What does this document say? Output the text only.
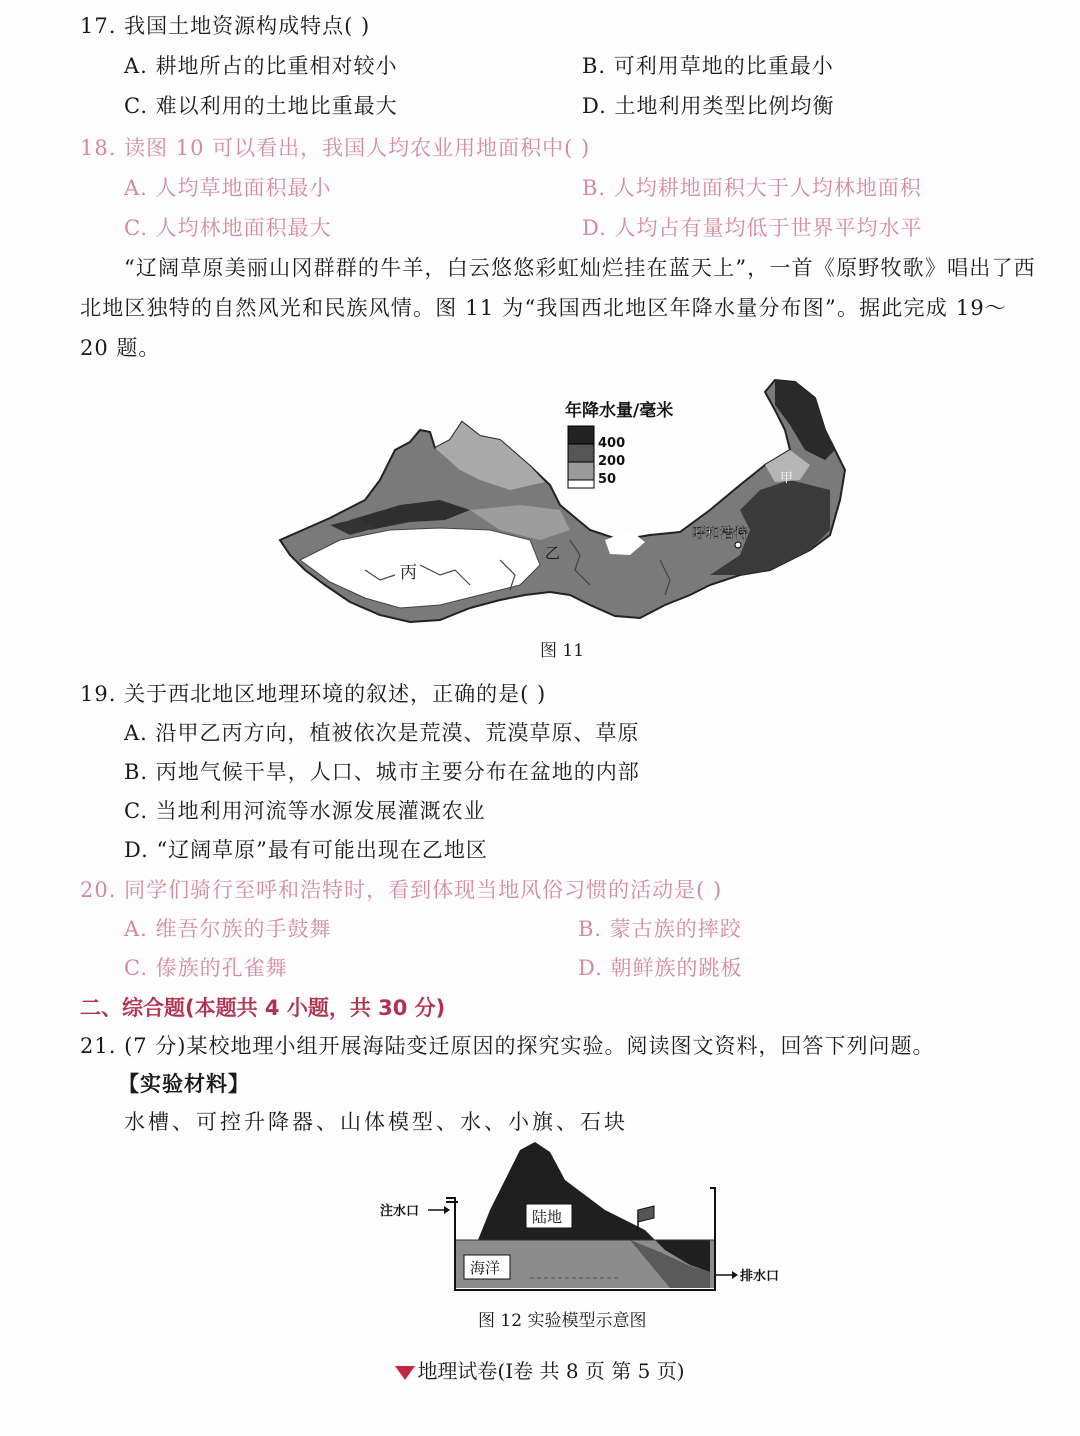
17. 我国土地资源构成特点( )
A. 耕地所占的比重相对较小	B. 可利用草地的比重最小
C. 难以利用的土地比重最大	D. 土地利用类型比例均衡
18. 读图 10 可以看出，我国人均农业用地面积中( )
A. 人均草地面积最小	B. 人均耕地面积大于人均林地面积
C. 人均林地面积最大	D. 人均占有量均低于世界平均水平
“辽阔草原美丽山冈群群的牛羊，白云悠悠彩虹灿烂挂在蓝天上”，一首《原野牧歌》唱出了西
北地区独特的自然风光和民族风情。图 11 为“我国西北地区年降水量分布图”。据此完成 19～
20 题。
丙
乙
甲
呼和浩特
年降水量/毫米
400
200
50
图 11
19. 关于西北地区地理环境的叙述，正确的是( )
A. 沿甲乙丙方向，植被依次是荒漠、荒漠草原、草原
B. 丙地气候干旱，人口、城市主要分布在盆地的内部
C. 当地利用河流等水源发展灌溉农业
D. “辽阔草原”最有可能出现在乙地区
20. 同学们骑行至呼和浩特时，看到体现当地风俗习惯的活动是( )
A. 维吾尔族的手鼓舞	B. 蒙古族的摔跤
C. 傣族的孔雀舞	D. 朝鲜族的跳板
二、综合题(本题共 4 小题，共 30 分)
21. (7 分)某校地理小组开展海陆变迁原因的探究实验。阅读图文资料，回答下列问题。
【实验材料】
水槽、可控升降器、山体模型、水、小旗、石块
注水口
排水口
陆地
海洋
图 12 实验模型示意图
地理试卷(Ⅰ卷 共 8 页 第 5 页)
